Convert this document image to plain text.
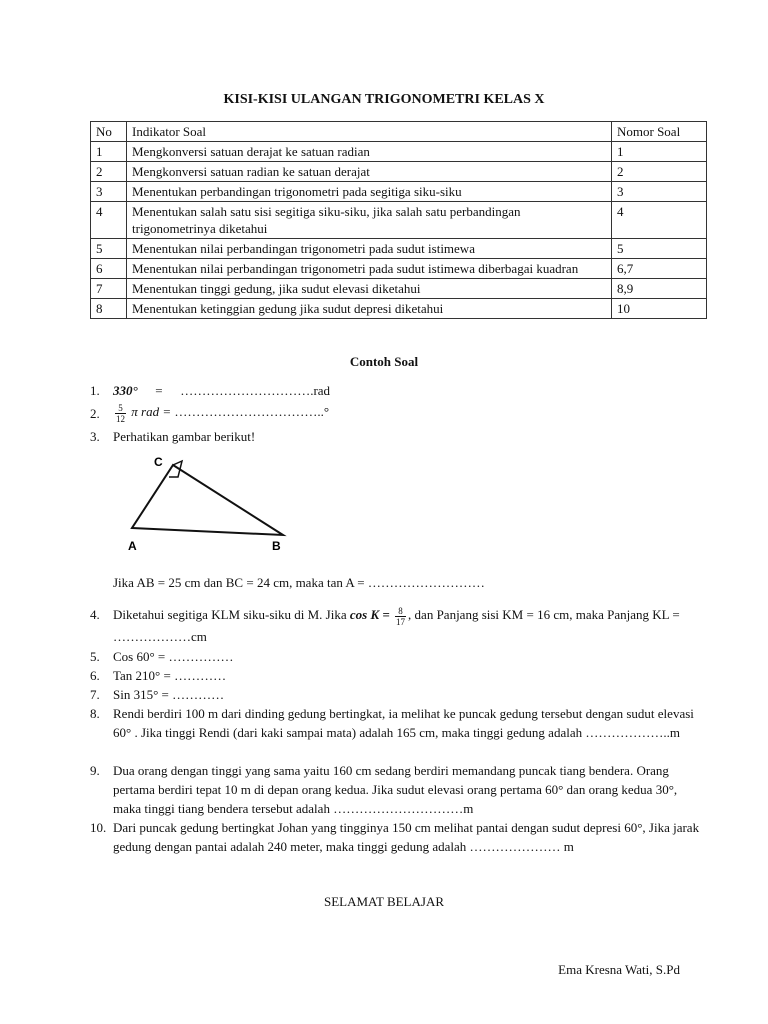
KISI-KISI ULANGAN TRIGONOMETRI KELAS X
No	Indikator Soal	Nomor Soal
1	Mengkonversi satuan derajat ke satuan radian	1
2	Mengkonversi satuan radian ke satuan derajat	2
3	Menentukan perbandingan trigonometri pada segitiga siku-siku	3
4	Menentukan salah satu sisi segitiga siku-siku, jika salah satu perbandingan trigonometrinya diketahui	4
5	Menentukan nilai perbandingan trigonometri pada sudut istimewa	5
6	Menentukan nilai perbandingan trigonometri pada sudut istimewa diberbagai kuadran	6,7
7	Menentukan tinggi gedung, jika sudut elevasi diketahui	8,9
8	Menentukan ketinggian gedung jika sudut depresi diketahui	10
Contoh Soal
1.	330° = ………………………….rad
2.	$\frac{5}{12}$ π rad = ……………………………..°
3.	Perhatikan gambar berikut!
C
A	B
Jika AB = 25 cm dan BC = 24 cm, maka tan A = ………………………
4.	Diketahui segitiga KLM siku-siku di M. Jika $\cos K = \frac{8}{17}$ , dan Panjang sisi KM = 16 cm, maka Panjang KL = ………………cm
5.	Cos 60° = ……………
6.	Tan 210° = …………
7.	Sin 315° = …………
8.	Rendi berdiri 100 m dari dinding gedung bertingkat, ia melihat ke puncak gedung tersebut dengan sudut elevasi 60° . Jika tinggi Rendi (dari kaki sampai mata) adalah 165 cm, maka tinggi gedung adalah ………………..m
9.	Dua orang dengan tinggi yang sama yaitu 160 cm sedang berdiri memandang puncak tiang bendera. Orang pertama berdiri tepat 10 m di depan orang kedua. Jika sudut elevasi orang pertama 60° dan orang kedua 30°, maka tinggi tiang bendera tersebut adalah …………………………m
10. Dari puncak gedung bertingkat Johan yang tingginya 150 cm melihat pantai dengan sudut depresi 60°, Jika jarak gedung dengan pantai adalah 240 meter, maka tinggi gedung adalah ………………… m
SELAMAT BELAJAR
Ema Kresna Wati, S.Pd
